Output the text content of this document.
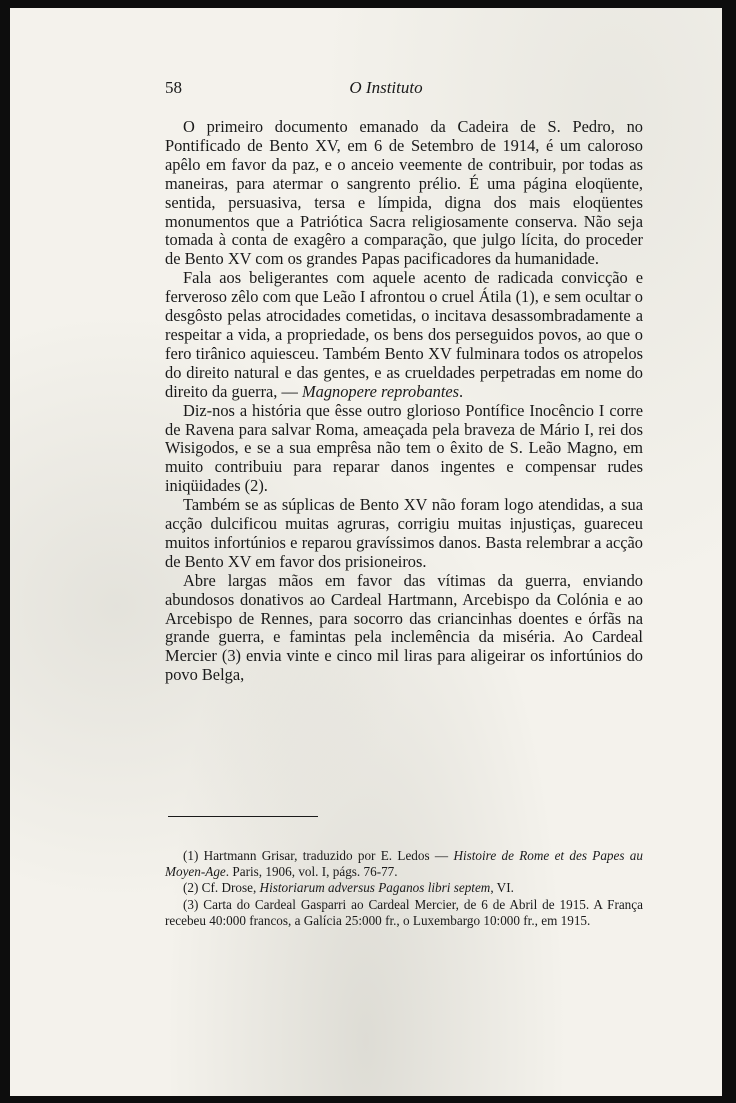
58	O Instituto

O primeiro documento emanado da Cadeira de S. Pedro, no Pontificado de Bento XV, em 6 de Setembro de 1914, é um caloroso apêlo em favor da paz, e o anceio veemente de contribuir, por todas as maneiras, para atermar o sangrento prélio. É uma página eloqüente, sentida, persuasiva, tersa e límpida, digna dos mais eloqüentes monumentos que a Patriótica Sacra religiosamente conserva. Não seja tomada à conta de exagêro a comparação, que julgo lícita, do proceder de Bento XV com os grandes Papas pacificadores da humanidade.

Fala aos beligerantes com aquele acento de radicada convicção e ferveroso zêlo com que Leão I afrontou o cruel Átila (1), e sem ocultar o desgôsto pelas atrocidades cometidas, o incitava desassombradamente a respeitar a vida, a propriedade, os bens dos perseguidos povos, ao que o fero tirânico aquiesceu. Também Bento XV fulminara todos os atropelos do direito natural e das gentes, e as crueldades perpetradas em nome do direito da guerra, — Magnopere reprobantes.

Diz-nos a história que êsse outro glorioso Pontífice Inocêncio I corre de Ravena para salvar Roma, ameaçada pela braveza de Mário I, rei dos Wisigodos, e se a sua emprêsa não tem o êxito de S. Leão Magno, em muito contribuiu para reparar danos ingentes e compensar rudes iniqüidades (2).

Também se as súplicas de Bento XV não foram logo atendidas, a sua acção dulcificou muitas agruras, corrigiu muitas injustiças, guareceu muitos infortúnios e reparou gravíssimos danos. Basta relembrar a acção de Bento XV em favor dos prisioneiros.

Abre largas mãos em favor das vítimas da guerra, enviando abundosos donativos ao Cardeal Hartmann, Arcebispo da Colónia e ao Arcebispo de Rennes, para socorro das criancinhas doentes e órfãs na grande guerra, e famintas pela inclemência da miséria. Ao Cardeal Mercier (3) envia vinte e cinco mil liras para aligeirar os infortúnios do povo Belga,

(1) Hartmann Grisar, traduzido por E. Ledos — Histoire de Rome et des Papes au Moyen-Age. Paris, 1906, vol. I, págs. 76-77.

(2) Cf. Drose, Historiarum adversus Paganos libri septem, VI.

(3) Carta do Cardeal Gasparri ao Cardeal Mercier, de 6 de Abril de 1915. A França recebeu 40:000 francos, a Galícia 25:000 fr., o Luxembargo 10:000 fr., em 1915.
